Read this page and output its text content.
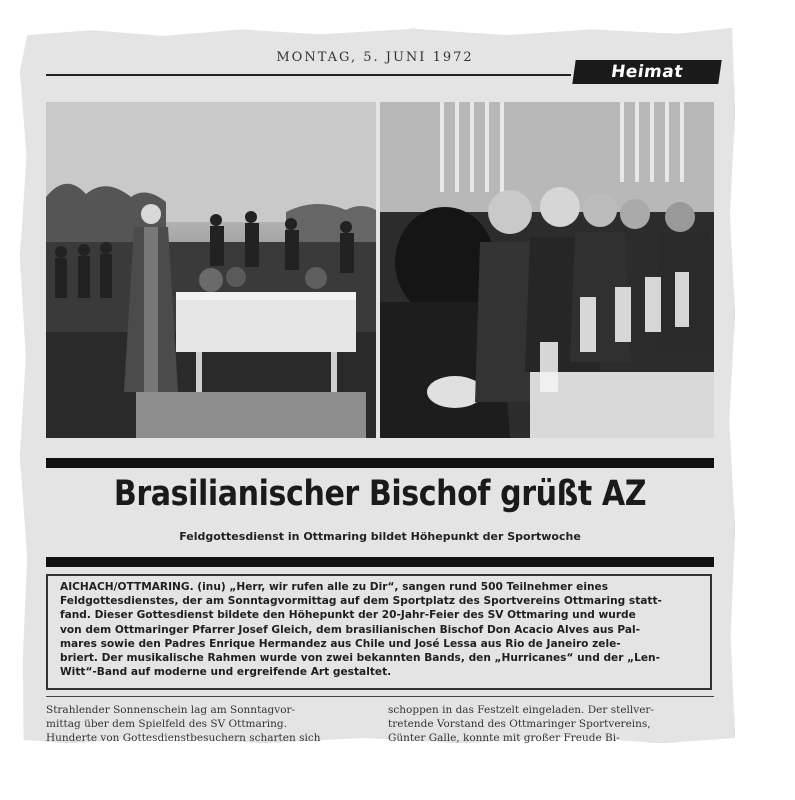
MONTAG, 5. JUNI 1972
Heimat
Brasilianischer Bischof grüßt AZ
Feldgottesdienst in Ottmaring bildet Höhepunkt der Sportwoche
AICHACH/OTTMARING. (inu) „Herr, wir rufen alle zu Dir“, sangen rund 500 Teilnehmer eines
Feldgottesdienstes, der am Sonntagvormittag auf dem Sportplatz des Sportvereins Ottmaring statt-
fand. Dieser Gottesdienst bildete den Höhepunkt der 20-Jahr-Feier des SV Ottmaring und wurde
von dem Ottmaringer Pfarrer Josef Gleich, dem brasilianischen Bischof Don Acacio Alves aus Pal-
mares sowie den Padres Enrique Hermandez aus Chile und José Lessa aus Rio de Janeiro zele-
briert. Der musikalische Rahmen wurde von zwei bekannten Bands, den „Hurricanes“ und der „Len-
Witt“-Band auf moderne und ergreifende Art gestaltet.
Strahlender Sonnenschein lag am Sonntagvor-
mittag über dem Spielfeld des SV Ottmaring.
Hunderte von Gottesdienstbesuchern scharten sich
schoppen in das Festzelt eingeladen. Der stellver-
tretende Vorstand des Ottmaringer Sportvereins,
Günter Galle, konnte mit großer Freude Bi-
